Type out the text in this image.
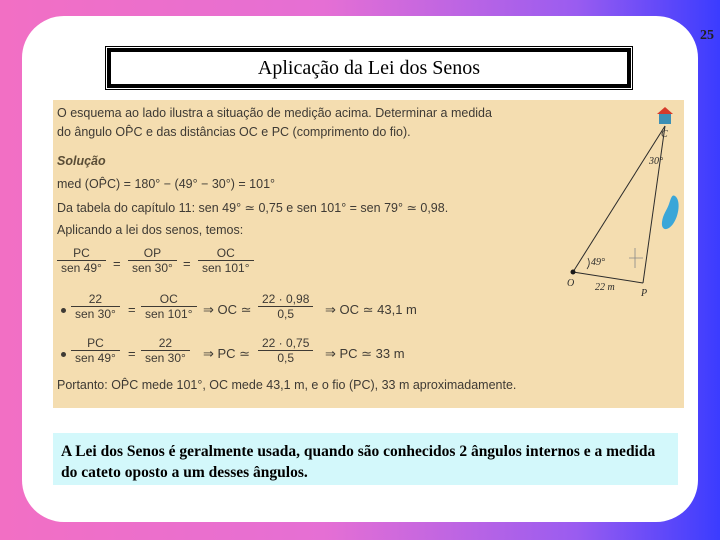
25
Aplicação da Lei dos Senos
O esquema ao lado ilustra a situação de medição acima. Determinar a medida
do ângulo OP̂C e das distâncias OC e PC (comprimento do fio).
Solução
med (OP̂C) = 180° − (49° − 30°) = 101°
Da tabela do capítulo 11: sen 49° ≃ 0,75 e sen 101° = sen 79° ≃ 0,98.
Aplicando a lei dos senos, temos:
PC
sen 49° =
OP
sen 30° =
OC
sen 101°
22
sen 30° =
OC
sen 101° ⇒ OC ≃ $\frac{22 \cdot 0,98}{0,5}$ ⇒ OC ≃ 43,1 m
PC
sen 49° =
22
sen 30°	⇒ PC ≃ $\frac{22 \cdot 0,75}{0,5}$ ⇒ PC ≃ 33 m
Portanto: OP̂C mede 101°, OC mede 43,1 m, e o fio (PC), 33 m aproximadamente.
C
30°
49°
O 22 m
P
A Lei dos Senos é geralmente usada, quando são conhecidos 2 ângulos internos e a medida do cateto oposto a um desses ângulos.
